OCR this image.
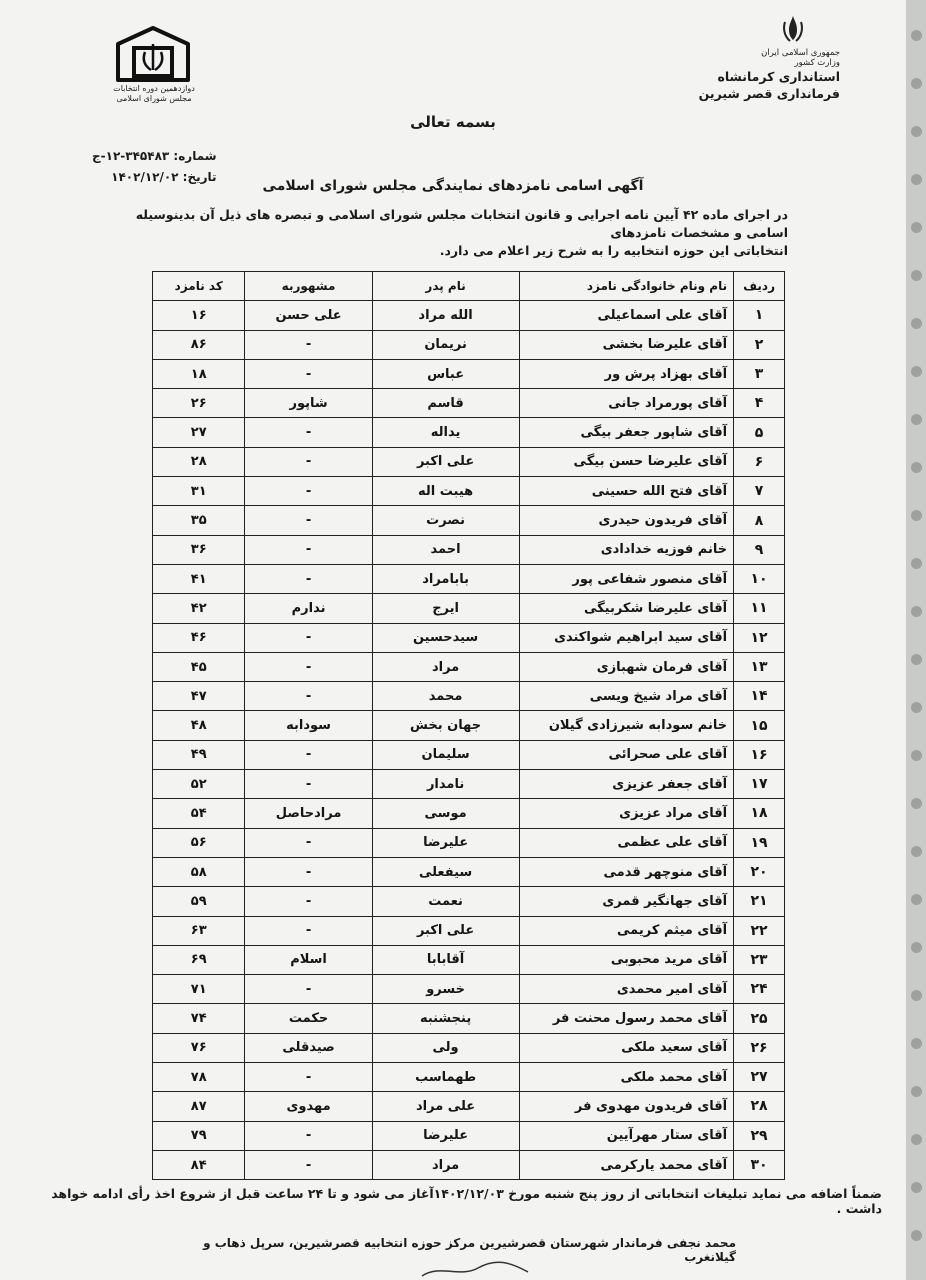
جمهوری اسلامی ایران
وزارت کشور
استانداری کرمانشاه
فرمانداری قصر شیرین
دوازدهمین دوره انتخابات
مجلس شورای اسلامی
بسمه تعالی
شماره: ۳۴۵۴۸۳-۱۲-ج
تاریخ: ۱۴۰۲/۱۲/۰۲
آگهی اسامی نامزدهای نمایندگی مجلس شورای اسلامی
در اجرای ماده ۴۲ آیین نامه اجرایی و قانون انتخابات مجلس شورای اسلامی و تبصره های ذیل آن بدینوسیله اسامی و مشخصات نامزدهای
انتخاباتی این حوزه انتخابیه را به شرح زیر اعلام می دارد.
ردیف	نام ونام خانوادگی نامزد	نام پدر	مشهوربه	کد نامزد
۱	آقای علی اسماعیلی	الله مراد	علی حسن	۱۶
۲	آقای علیرضا بخشی	نریمان	-	۸۶
۳	آقای بهزاد پرش ور	عباس	-	۱۸
۴	آقای پورمراد جانی	قاسم	شاپور	۲۶
۵	آقای شاپور جعفر بیگی	یداله	-	۲۷
۶	آقای علیرضا حسن بیگی	علی اکبر	-	۲۸
۷	آقای فتح الله حسینی	هیبت اله	-	۳۱
۸	آقای فریدون حیدری	نصرت	-	۳۵
۹	خانم فوزیه خدادادی	احمد	-	۳۶
۱۰	آقای منصور شفاعی پور	بابامراد	-	۴۱
۱۱	آقای علیرضا شکربیگی	ایرج	ندارم	۴۲
۱۲	آقای سید ابراهیم شواکندی	سیدحسین	-	۴۶
۱۳	آقای فرمان شهبازی	مراد	-	۴۵
۱۴	آقای مراد شیخ ویسی	محمد	-	۴۷
۱۵	خانم سودابه شیرزادی گیلان	جهان بخش	سودابه	۴۸
۱۶	آقای علی صحرائی	سلیمان	-	۴۹
۱۷	آقای جعفر عزیزی	نامدار	-	۵۲
۱۸	آقای مراد عزیزی	موسی	مرادحاصل	۵۴
۱۹	آقای علی عظمی	علیرضا	-	۵۶
۲۰	آقای منوچهر قدمی	سیفعلی	-	۵۸
۲۱	آقای جهانگیر قمری	نعمت	-	۵۹
۲۲	آقای میثم کریمی	علی اکبر	-	۶۳
۲۳	آقای مرید محبوبی	آقابابا	اسلام	۶۹
۲۴	آقای امیر محمدی	خسرو	-	۷۱
۲۵	آقای محمد رسول محنت فر	پنجشنبه	حکمت	۷۴
۲۶	آقای سعید ملکی	ولی	صیدقلی	۷۶
۲۷	آقای محمد ملکی	طهماسب	-	۷۸
۲۸	آقای فریدون مهدوی فر	علی مراد	مهدوی	۸۷
۲۹	آقای ستار مهرآیین	علیرضا	-	۷۹
۳۰	آقای محمد یارکرمی	مراد	-	۸۴
ضمناً اضافه می نماید تبلیغات انتخاباتی از روز پنج شنبه مورخ ۱۴۰۲/۱۲/۰۳آغاز می شود و تا ۲۴ ساعت قبل از شروع اخذ رأی ادامه خواهد داشت .
محمد نجفی فرماندار شهرستان قصرشیرین مرکز حوزه انتخابیه قصرشیرین، سرپل ذهاب و گیلانغرب
